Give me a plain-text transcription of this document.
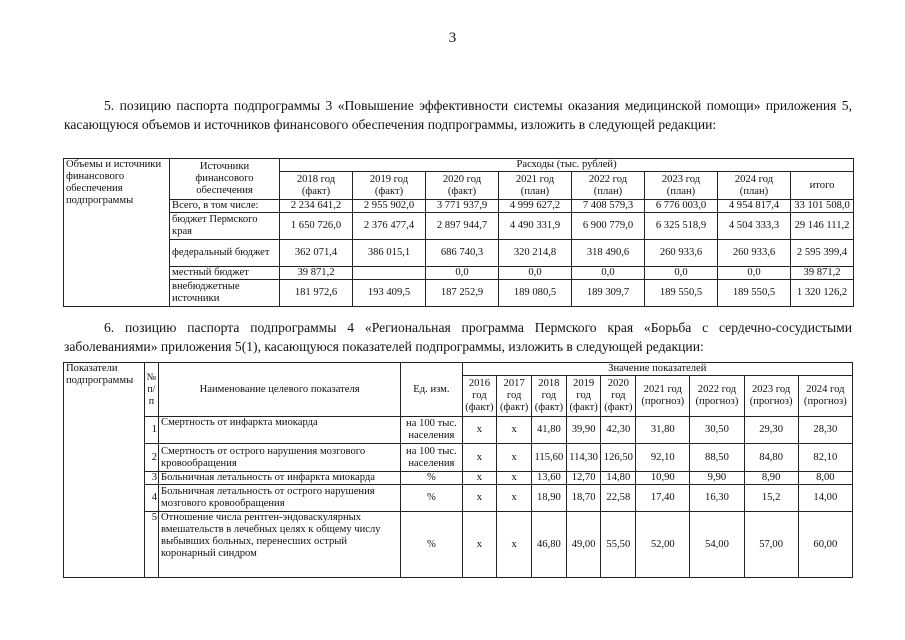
3
5. позицию паспорта подпрограммы 3 «Повышение эффективности системы оказания медицинской помощи» приложения 5, касающуюся объемов и источников финансового обеспечения подпрограммы, изложить в следующей редакции:
Объемы и источники финансового обеспечения подпрограммы	Источники финансового обеспечения	Расходы (тыс. рублей)							
		2018 год (факт)	2019 год (факт)	2020 год (факт)	2021 год (план)	2022 год (план)	2023 год (план)	2024 год (план)	итого
	Всего, в том числе:	2 234 641,2	2 955 902,0	3 771 937,9	4 999 627,2	7 408 579,3	6 776 003,0	4 954 817,4	33 101 508,0
	бюджет Пермского края	1 650 726,0	2 376 477,4	2 897 944,7	4 490 331,9	6 900 779,0	6 325 518,9	4 504 333,3	29 146 111,2
	федеральный бюджет	362 071,4	386 015,1	686 740,3	320 214,8	318 490,6	260 933,6	260 933,6	2 595 399,4
	местный бюджет	39 871,2		0,0	0,0	0,0	0,0	0,0	39 871,2
	внебюджетные источники	181 972,6	193 409,5	187 252,9	189 080,5	189 309,7	189 550,5	189 550,5	1 320 126,2
6. позицию паспорта подпрограммы 4 «Региональная программа Пермского края «Борьба с сердечно-сосудистыми заболеваниями» приложения 5(1), касающуюся показателей подпрограммы, изложить в следующей редакции:
Показатели подпрограммы	№ п/п	Наименование целевого показателя	Ед. изм.	Значение показателей								
				2016 год (факт)	2017 год (факт)	2018 год (факт)	2019 год (факт)	2020 год (факт)	2021 год (прогноз)	2022 год (прогноз)	2023 год (прогноз)	2024 год (прогноз)
	1	Смертность от инфаркта миокарда	на 100 тыс. населения	х	х	41,80	39,90	42,30	31,80	30,50	29,30	28,30
	2	Смертность от острого нарушения мозгового кровообращения	на 100 тыс. населения	х	х	115,60	114,30	126,50	92,10	88,50	84,80	82,10
	3	Больничная летальность от инфаркта миокарда	%	х	х	13,60	12,70	14,80	10,90	9,90	8,90	8,00
	4	Больничная летальность от острого нарушения мозгового кровообращения	%	х	х	18,90	18,70	22,58	17,40	16,30	15,2	14,00
	5	Отношение числа рентген-эндоваскулярных вмешательств в лечебных целях к общему числу выбывших больных, перенесших острый коронарный синдром	%	х	х	46,80	49,00	55,50	52,00	54,00	57,00	60,00
